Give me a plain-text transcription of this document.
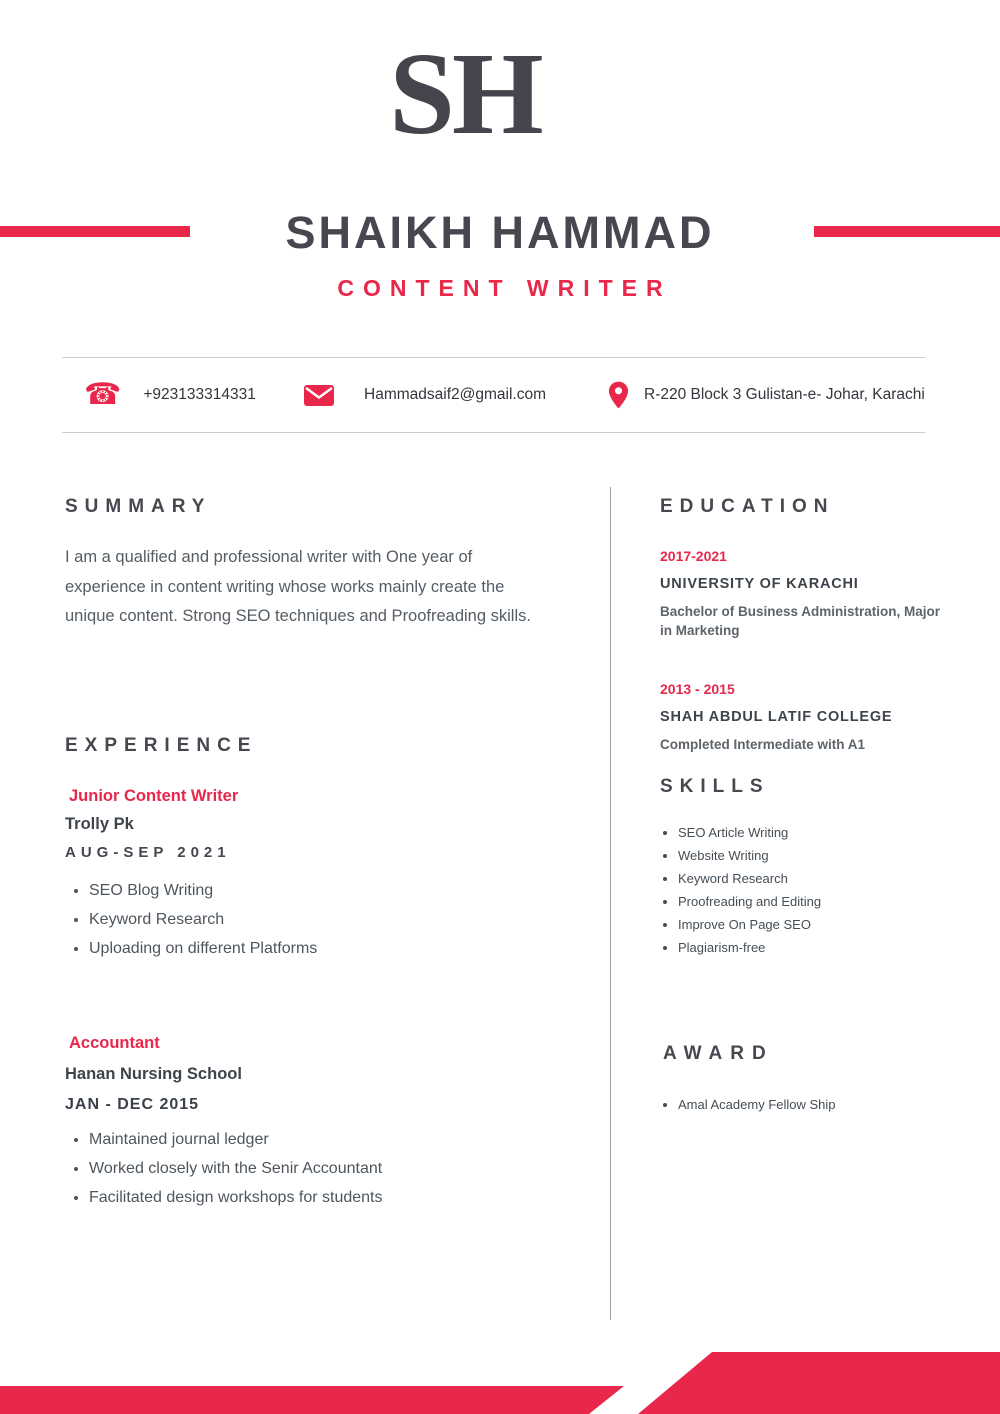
SH
SHAIKH HAMMAD
CONTENT WRITER
☎ +923133314331	Hammadsaif2@gmail.com	R-220 Block 3 Gulistan-e- Johar, Karachi
SUMMARY

I am a qualified and professional writer with One year of experience in content writing whose works mainly create the unique content. Strong SEO techniques and Proofreading skills.

EXPERIENCE
Junior Content Writer
Trolly Pk
AUG-SEP 2021
• SEO Blog Writing
• Keyword Research
• Uploading on different Platforms
Accountant
Hanan Nursing School
JAN - DEC 2015
• Maintained journal ledger
• Worked closely with the Senir Accountant
• Facilitated design workshops for students
EDUCATION
2017-2021
UNIVERSITY OF KARACHI
Bachelor of Business Administration, Major in Marketing
2013 - 2015
SHAH ABDUL LATIF COLLEGE
Completed Intermediate with A1
SKILLS
• SEO Article Writing
• Website Writing
• Keyword Research
• Proofreading and Editing
• Improve On Page SEO
• Plagiarism-free
AWARD
• Amal Academy Fellow Ship
